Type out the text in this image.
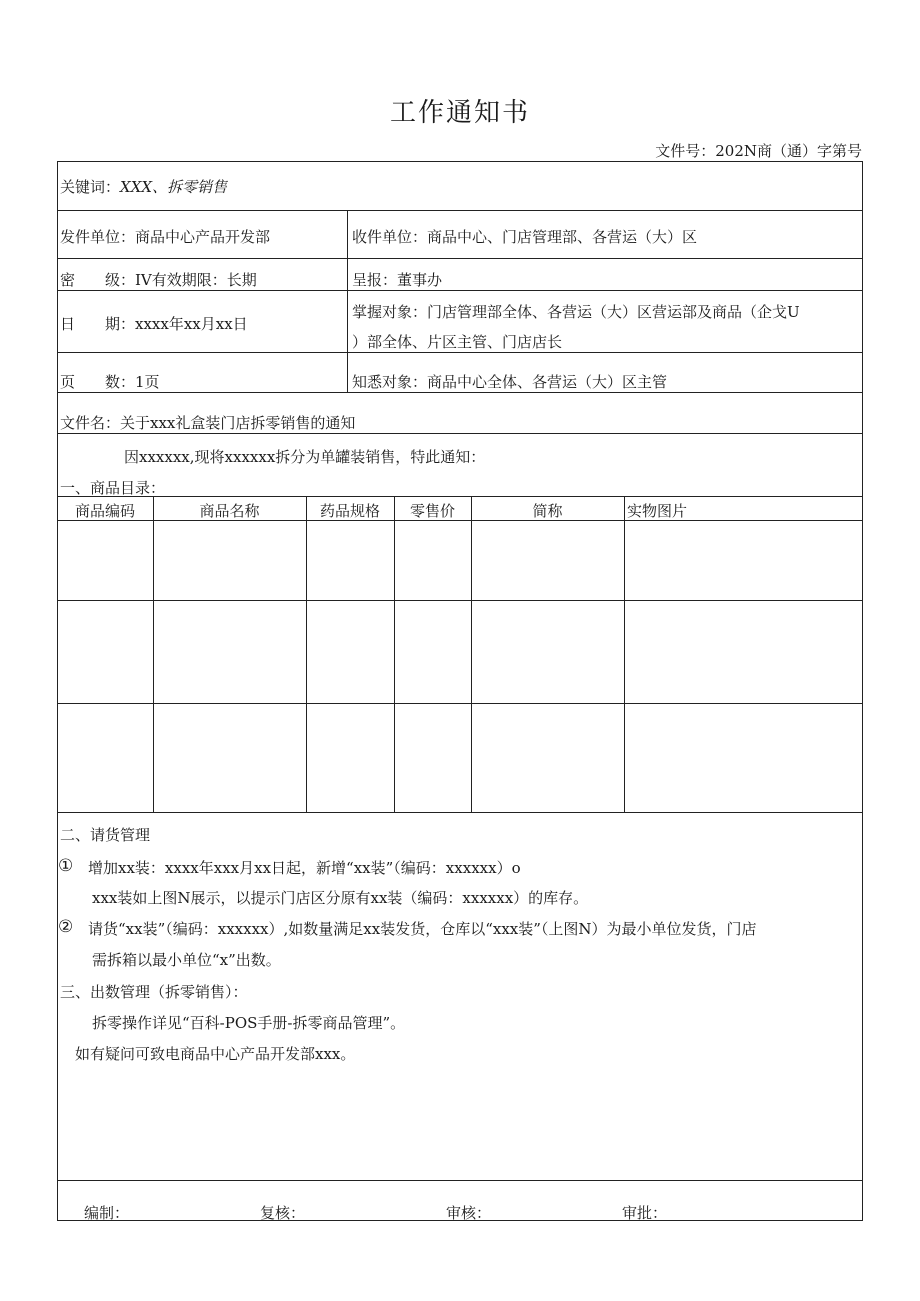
工作通知书
文件号：202N商（通）字第号
关键词：XXX、拆零销售
发件单位：商品中心产品开发部	收件单位：商品中心、门店管理部、各营运（大）区
密　　级：IV有效期限：长期	呈报：董事办
日　　期：xxxx年xx月xx日
掌握对象：门店管理部全体、各营运（大）区营运部及商品（企戈U
）部全体、片区主管、门店店长
页　　数：1页	知悉对象：商品中心全体、各营运（大）区主管
文件名：关于xxx礼盒装门店拆零销售的通知
因xxxxxx,现将xxxxxx拆分为单罐装销售，特此通知：
一、商品目录：
商品编码	商品名称	药品规格	零售价	简称	实物图片
二、请货管理
① 增加xx装：xxxx年xxx月xx日起，新增“xx装”（编码：xxxxxx）o
xxx装如上图N展示，以提示门店区分原有xx装（编码：xxxxxx）的库存。
② 请货“xx装”（编码：xxxxxx）,如数量满足xx装发货，仓库以“xxx装”（上图N）为最小单位发货，门店
需拆箱以最小单位“x”出数。
三、出数管理（拆零销售）：
拆零操作详见“百科-POS手册-拆零商品管理”。
如有疑问可致电商品中心产品开发部xxx。
编制：	复核：	审核：	审批：
